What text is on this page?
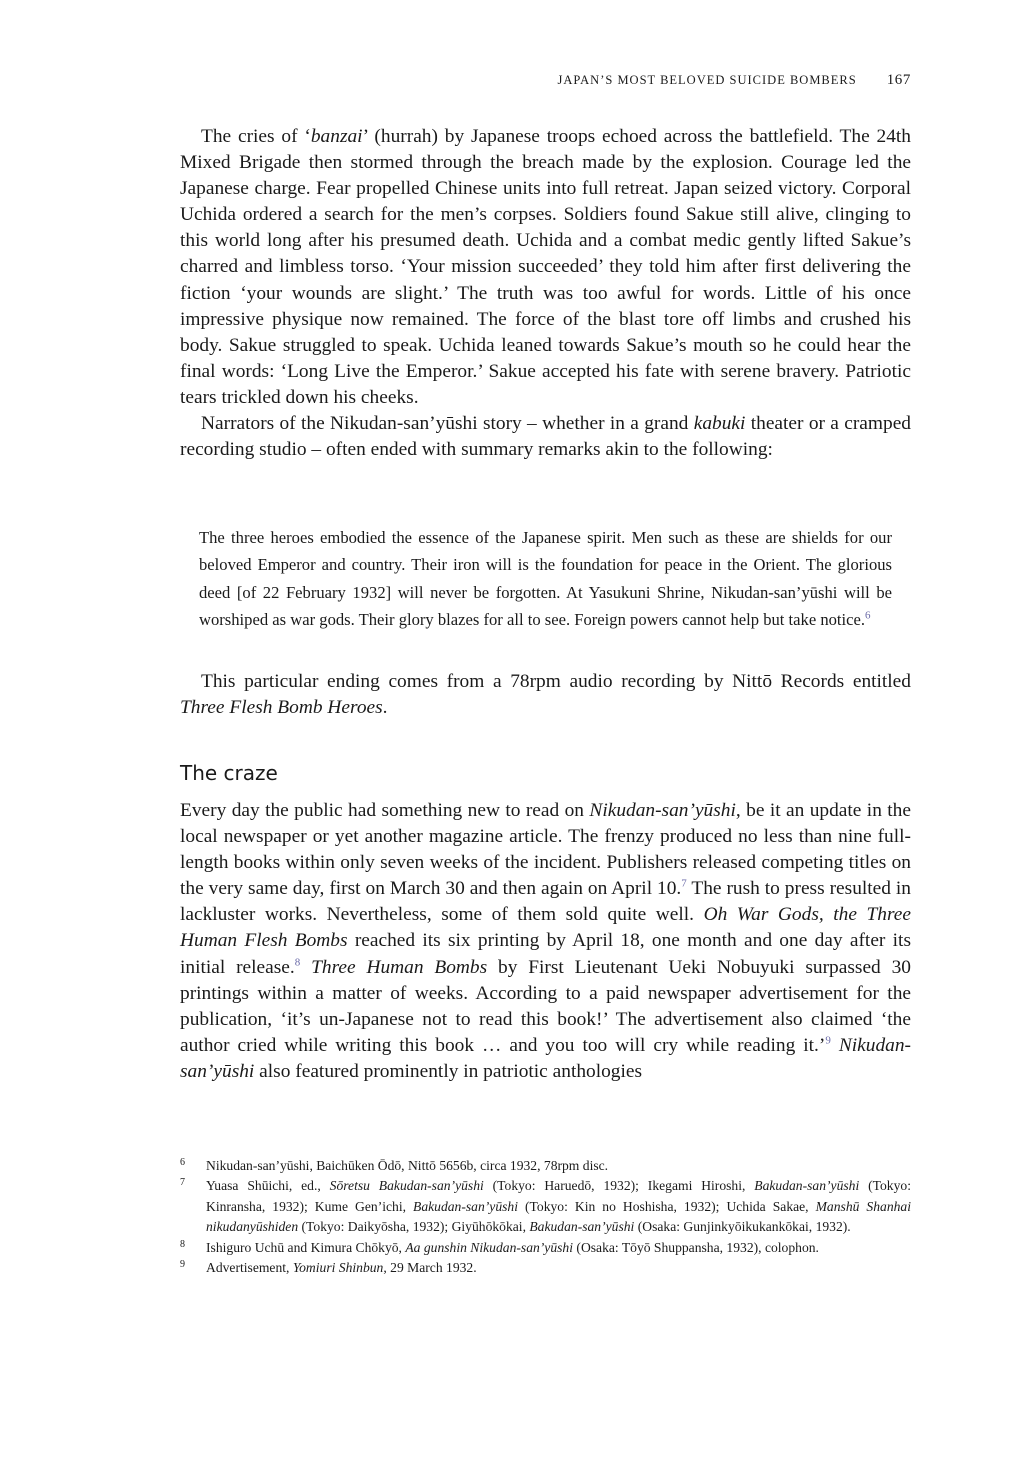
JAPAN’S MOST BELOVED SUICIDE BOMBERS 167

The cries of ‘banzai’ (hurrah) by Japanese troops echoed across the battlefield. The 24th Mixed Brigade then stormed through the breach made by the explosion. Courage led the Japanese charge. Fear propelled Chinese units into full retreat. Japan seized victory. Corporal Uchida ordered a search for the men’s corpses. Soldiers found Sakue still alive, clinging to this world long after his presumed death. Uchida and a combat medic gently lifted Sakue’s charred and limbless torso. ‘Your mission succeeded’ they told him after first delivering the fiction ‘your wounds are slight.’ The truth was too awful for words. Little of his once impressive physique now remained. The force of the blast tore off limbs and crushed his body. Sakue struggled to speak. Uchida leaned towards Sakue’s mouth so he could hear the final words: ‘Long Live the Emperor.’ Sakue accepted his fate with serene bravery. Patriotic tears trickled down his cheeks.

Narrators of the Nikudan-san’yūshi story – whether in a grand kabuki theater or a cramped recording studio – often ended with summary remarks akin to the following:

The three heroes embodied the essence of the Japanese spirit. Men such as these are shields for our beloved Emperor and country. Their iron will is the foundation for peace in the Orient. The glorious deed [of 22 February 1932] will never be forgotten. At Yasukuni Shrine, Nikudan-san’yūshi will be worshiped as war gods. Their glory blazes for all to see. Foreign powers cannot help but take notice.$^6$

This particular ending comes from a 78rpm audio recording by Nittō Records entitled Three Flesh Bomb Heroes.

The craze

Every day the public had something new to read on Nikudan-san’yūshi, be it an update in the local newspaper or yet another magazine article. The frenzy produced no less than nine full-length books within only seven weeks of the incident. Publishers released competing titles on the very same day, first on March 30 and then again on April 10.$^7$ The rush to press resulted in lackluster works. Nevertheless, some of them sold quite well. Oh War Gods, the Three Human Flesh Bombs reached its six printing by April 18, one month and one day after its initial release.$^8$ Three Human Bombs by First Lieutenant Ueki Nobuyuki surpassed 30 printings within a matter of weeks. According to a paid newspaper advertisement for the publication, ‘it’s un-Japanese not to read this book!’ The advertisement also claimed ‘the author cried while writing this book … and you too will cry while reading it.’$^9$ Nikudan-san’yūshi also featured prominently in patriotic anthologies

6 Nikudan-san’yūshi, Baichūken Ōdō, Nittō 5656b, circa 1932, 78rpm disc.

7 Yuasa Shūichi, ed., Sōretsu Bakudan-san’yūshi (Tokyo: Haruedō, 1932); Ikegami Hiroshi, Bakudan-san’yūshi (Tokyo: Kinransha, 1932); Kume Gen’ichi, Bakudan-san’yūshi (Tokyo: Kin no Hoshisha, 1932); Uchida Sakae, Manshū Shanhai nikudanyūshiden (Tokyo: Daikyōsha, 1932); Giyūhōkōkai, Bakudan-san’yūshi (Osaka: Gunjinkyōikukankōkai, 1932).

8 Ishiguro Uchū and Kimura Chōkyō, Aa gunshin Nikudan-san’yūshi (Osaka: Tōyō Shuppansha, 1932), colophon.

9 Advertisement, Yomiuri Shinbun, 29 March 1932.
